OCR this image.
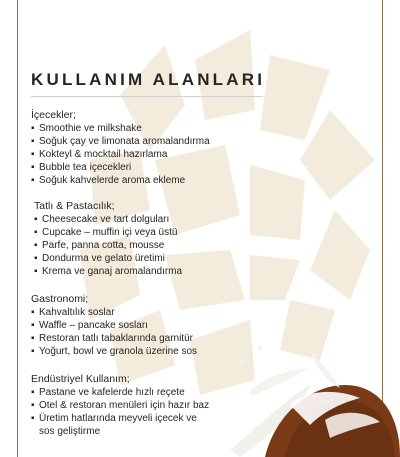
KULLANIM ALANLARI
İçecekler;
▪ Smoothie ve milkshake
▪ Soğuk çay ve limonata aromalandırma
▪ Kokteyl & mocktail hazırlama
▪ Bubble tea içecekleri
▪ Soğuk kahvelerde aroma ekleme
Tatlı & Pastacılık;
▪ Cheesecake ve tart dolguları
▪ Cupcake – muffin içi veya üstü
▪ Parfe, panna cotta, mousse
▪ Dondurma ve gelato üretimi
▪ Krema ve ganaj aromalandırma
Gastronomi;
▪ Kahvaltılık soslar
▪ Waffle – pancake sosları
▪ Restoran tatlı tabaklarında garnitür
▪ Yoğurt, bowl ve granola üzerine sos
Endüstriyel Kullanım;
▪ Pastane ve kafelerde hızlı reçete
▪ Otel & restoran menüleri için hazır baz
▪ Üretim hatlarında meyveli içecek ve
sos geliştirme
